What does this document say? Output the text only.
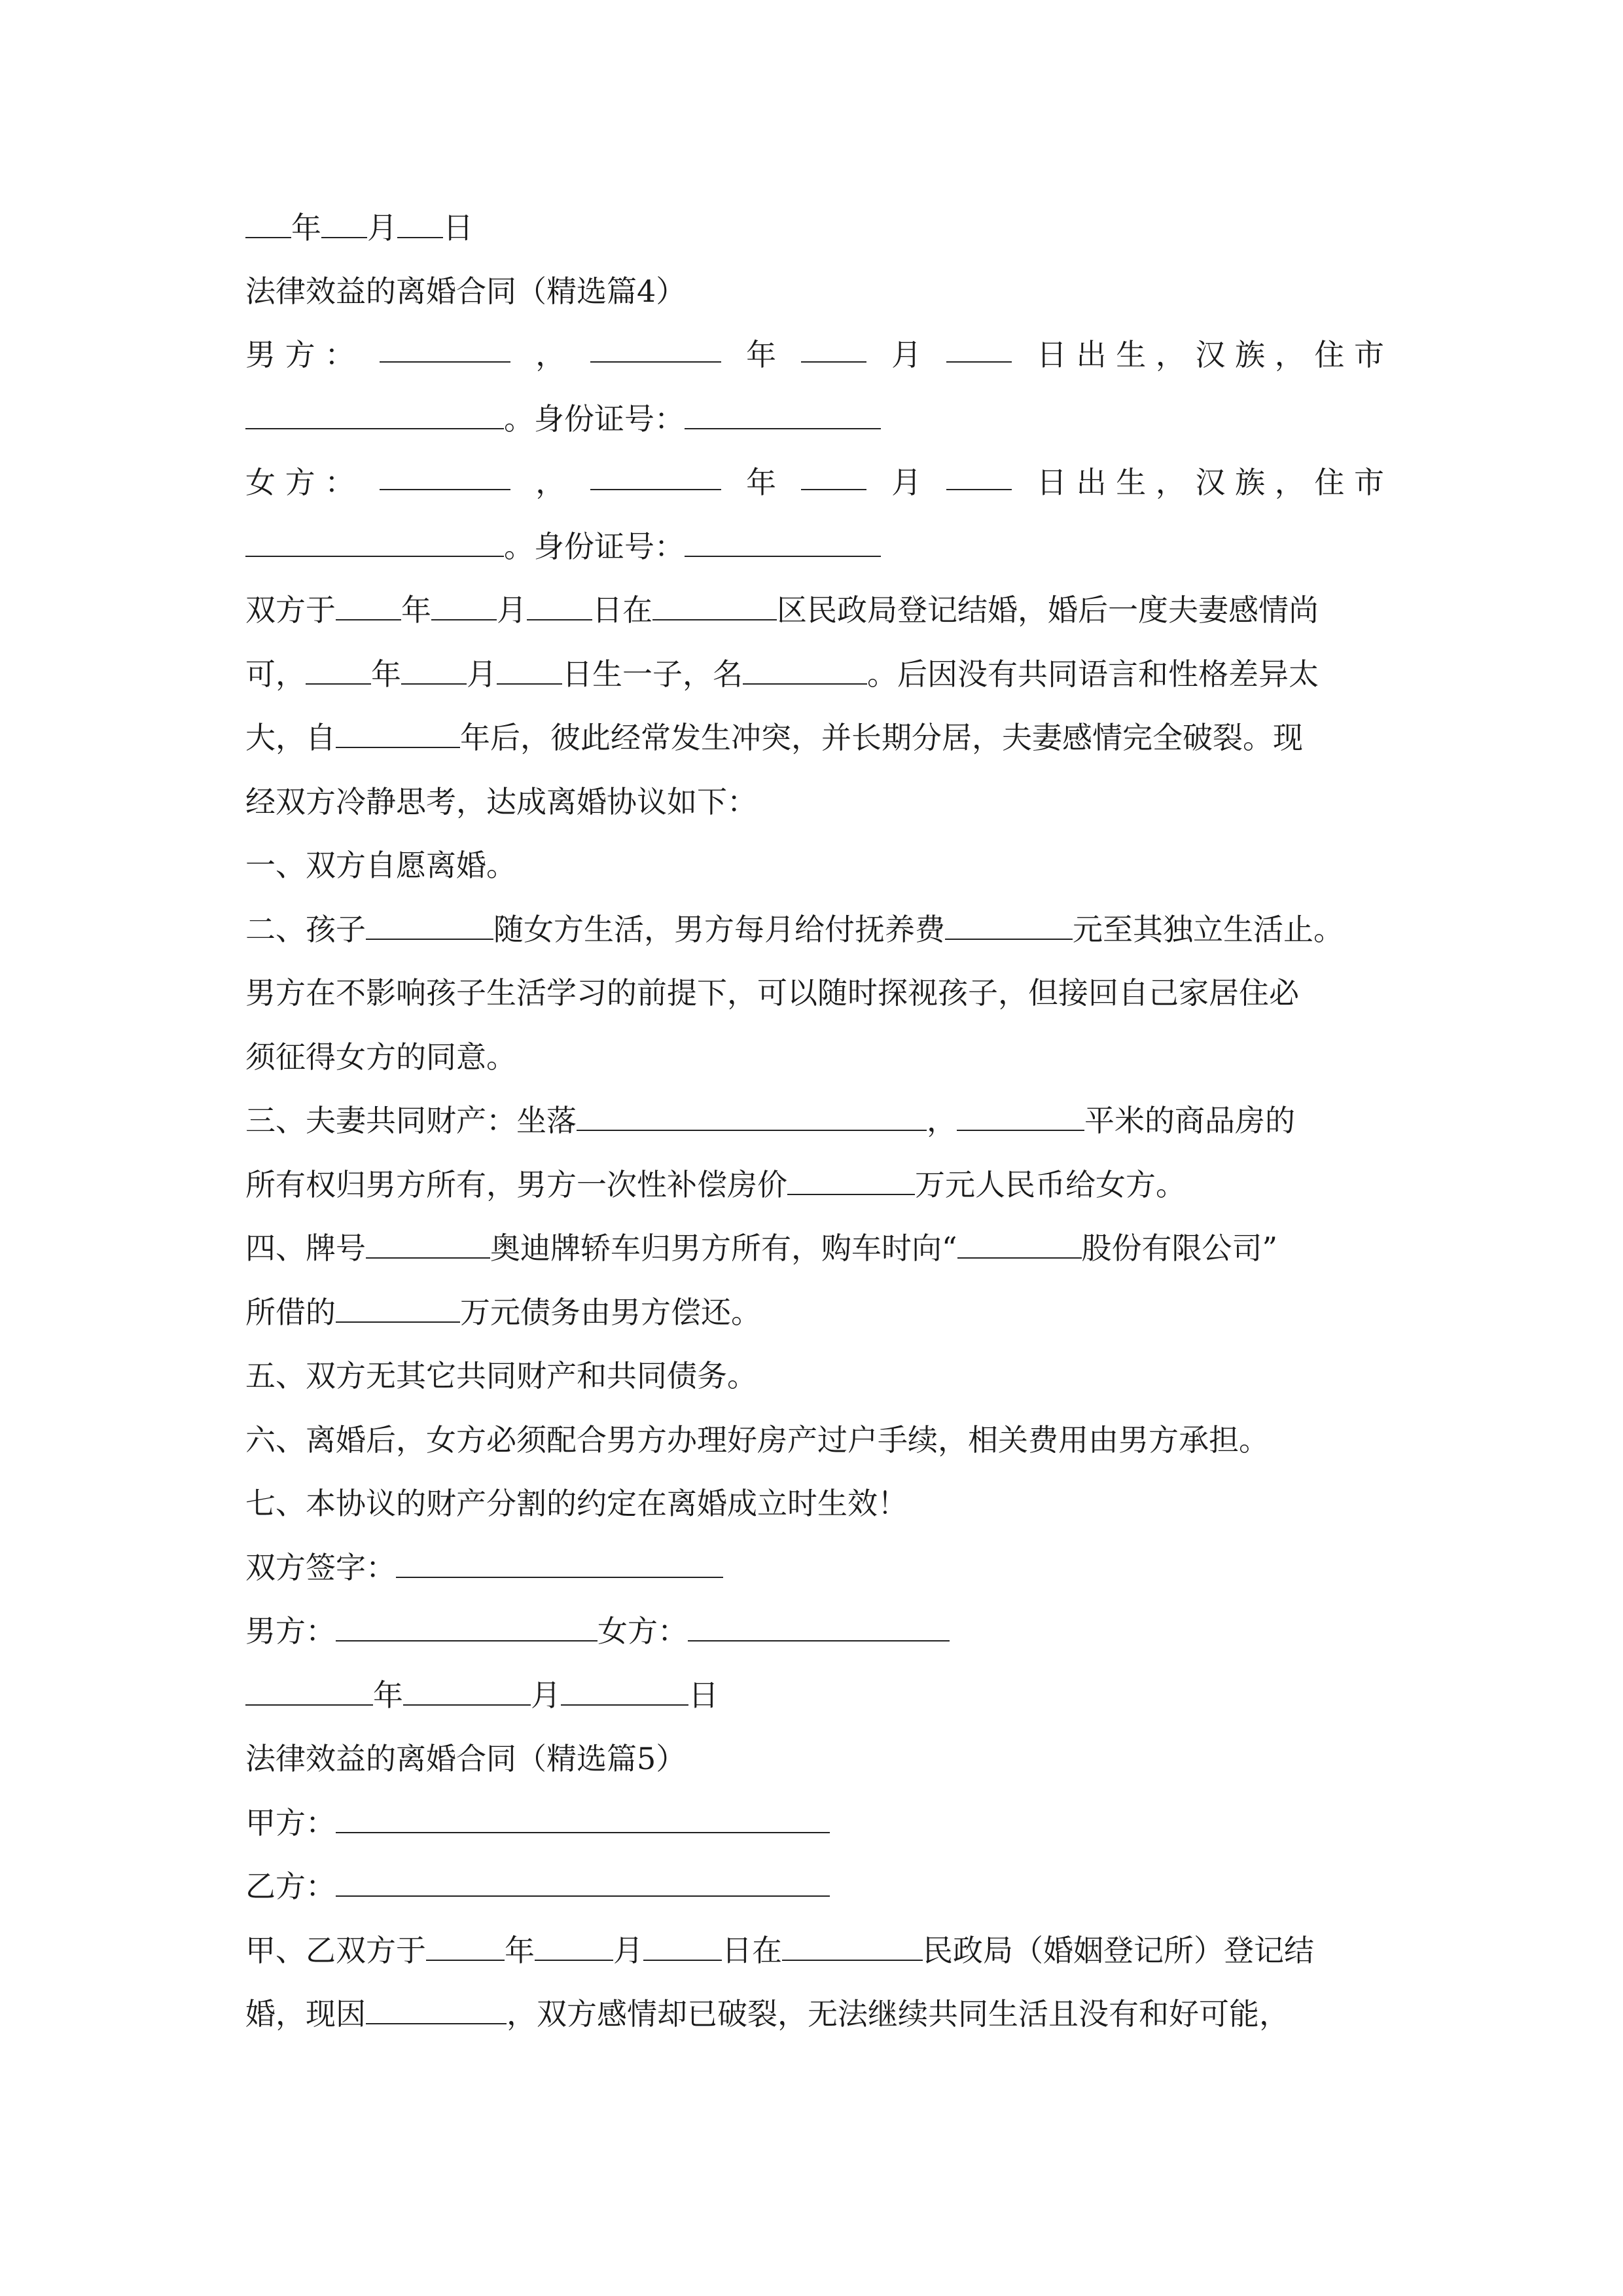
年 月 日
法律效益的离婚合同（精选篇4）
男 方 ：	，	年	月	日 出 生 ， 汉 族 ， 住 市
。身份证号：
女 方 ：	，	年	月	日 出 生 ， 汉 族 ， 住 市
。身份证号：
双方于 年 月 日在	区民政局登记结婚，婚后一度夫妻感情尚
可， 年 月 日生一子，名	。后因没有共同语言和性格差异太
大，自	年后，彼此经常发生冲突，并长期分居，夫妻感情完全破裂。现
经双方冷静思考，达成离婚协议如下：
一、双方自愿离婚。
二、孩子	随女方生活，男方每月给付抚养费	元至其独立生活止。
男方在不影响孩子生活学习的前提下，可以随时探视孩子，但接回自己家居住必
须征得女方的同意。
三、夫妻共同财产：坐落	，	平米的商品房的
所有权归男方所有，男方一次性补偿房价	万元人民币给女方。
四、牌号	奥迪牌轿车归男方所有，购车时向“	股份有限公司”
所借的	万元债务由男方偿还。
五、双方无其它共同财产和共同债务。
六、离婚后，女方必须配合男方办理好房产过户手续，相关费用由男方承担。
七、本协议的财产分割的约定在离婚成立时生效！
双方签字：
男方：	女方：
年	月	日
法律效益的离婚合同（精选篇5）
甲方：
乙方：
甲、乙双方于	年	月	日在	民政局（婚姻登记所）登记结
婚，现因	，双方感情却已破裂，无法继续共同生活且没有和好可能，
